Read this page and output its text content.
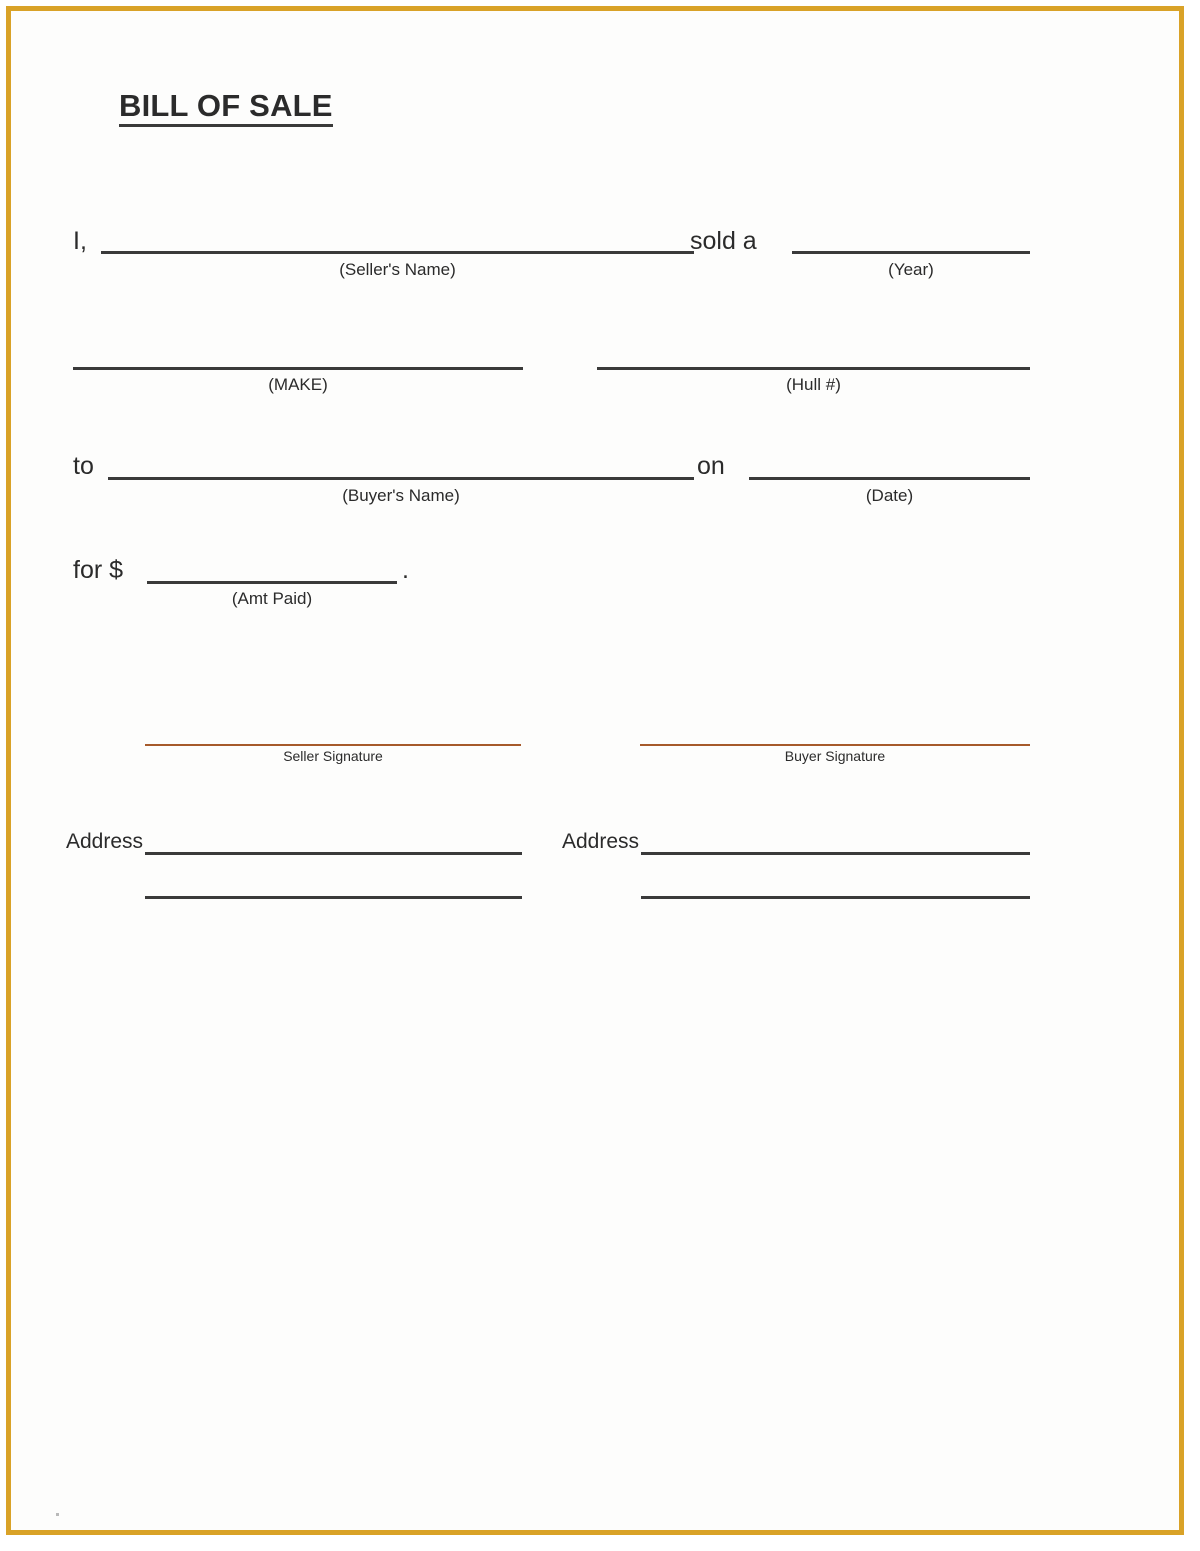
BILL OF SALE
I,
(Seller's Name)
sold a
(Year)
(MAKE)	(Hull #)
to
(Buyer's Name)
on
(Date)
for $
(Amt Paid)
.
Seller Signature	Buyer Signature
Address	Address
